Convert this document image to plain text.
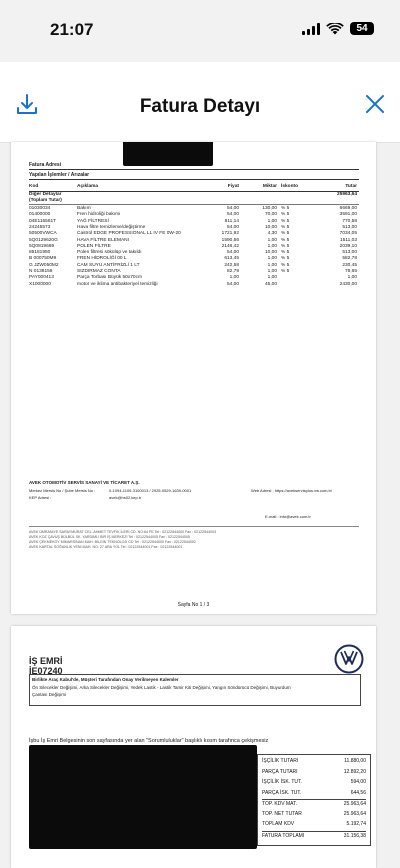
21:07	54
Fatura Detayı
Fatura Adresi
Yapılan İşlemler / Arızalar
Kod	Açıklama	Fiyat	Miktar İskonto	Tutar
Diğer Detaylar	25963,64
(Toplam Tutar)
01030034	Bakım	54,00	130,00 % 5	6669,00
01400000	Fren hidroliği bakımı	54,00	70,00 % 5	3591,00
04E115561T	YAĞ FİLTRESİ	811,14	1,00 % 5	770,58
24245573	Hava filtre temizleme/değiştirme	54,00	10,00 % 5	513,00
50500VWCA	Castrol EDGE PROFESSIONAL LL IV FE 0W-20	1721,92	4,30 % 5	7034,05
5Q0129620G	HAVA FİLTRE ELEMANI	1590,56	1,00 % 5	1511,03
5Q0819669	POLEN FİLTRE	2146,42	1,00 % 5	2039,10
85181950	Polen filtresi sökülüp ve takıldı	54,00	10,00 % 5	513,00
B 000750M9	FREN HİDROLİĞİ 00 L	613,45	1,00 % 5	582,78
G JZW050M2	CAM SUYU ANTİFRİZLİ 1 LT	242,58	1,00 % 5	230,45
N 0138158	SIZDIRMAZ CONTA	82,79	1,00 % 5	78,65
PAY000413	Parça Torbası Büyük 50x70cm	1,00	1,00	1,00
X1000000	motor ve iklima antibakteriyel temizliği	54,00	45,00	2430,00
AVEK OTOMOTİV SERVİS SANAYİ VE TİCARET A.Ş.
Merkez Mersis No / Şube Mersis No :	0-1094-1109-3100013 / 2925-0529-1639-0001
KEP Adresi :	avek@hs02.kep.tr
Web Adresi : https://avekservisplus.vw.com.tr/
E-mail : info@avek.com.tr
AVEK ÜMRANİYE SARAYMURAT CEL. AHMET TEVFİK İLERİ CD. NO:64 FE Tel : 02122544000 Fax : 02122544003
AVEK KOZ ÇAVUŞ BÜLBÜL SK. YARDIMLI BİR İŞ MERKEZİ Tel : 02122544005 Fax : 02122544005
AVEK ÇEKMEKÖY MİMARSİNAN MAH. BİLGİN TEKNOLOJİ CD Tel : 02122544000 Fax : 02122544002
AVEK KARTAL SOĞANLIK YENİ MAH. NO: 27 ARA YOL Tel : 02122544001 Fax : 02122544001
Sayfa No 1 / 3
İŞ EMRİ
İE07240
Birlikte Araç Kabul'de, Müşteri Tarafından Onay Verilmeyen Kalemler
Ön Silecekler Değişimi, Arka Silecekler Değişimi, Yedek Lastik - Lastik Tamir Kiti Değişimi, Yangın Söndürücü Değişimi, Buyurdum
Çantası Değişimi
İşbu İş Emri Belgesinin son sayfasında yer alan "Sorumluluklar" başlıklı kısım tarafınca çekişmesiz
İŞÇİLİK TUTARI	11.880,00
PARÇA TUTARI	12.892,20
İŞÇİLİK İSK. TUT.	594,00
PARÇA İSK. TUT.	644,56
TOP. KDV MAT.	25.963,64
TOP. NET TUTAR	25.963,64
TOPLAM KDV	5.192,74
FATURA TOPLAMI	31.156,38
